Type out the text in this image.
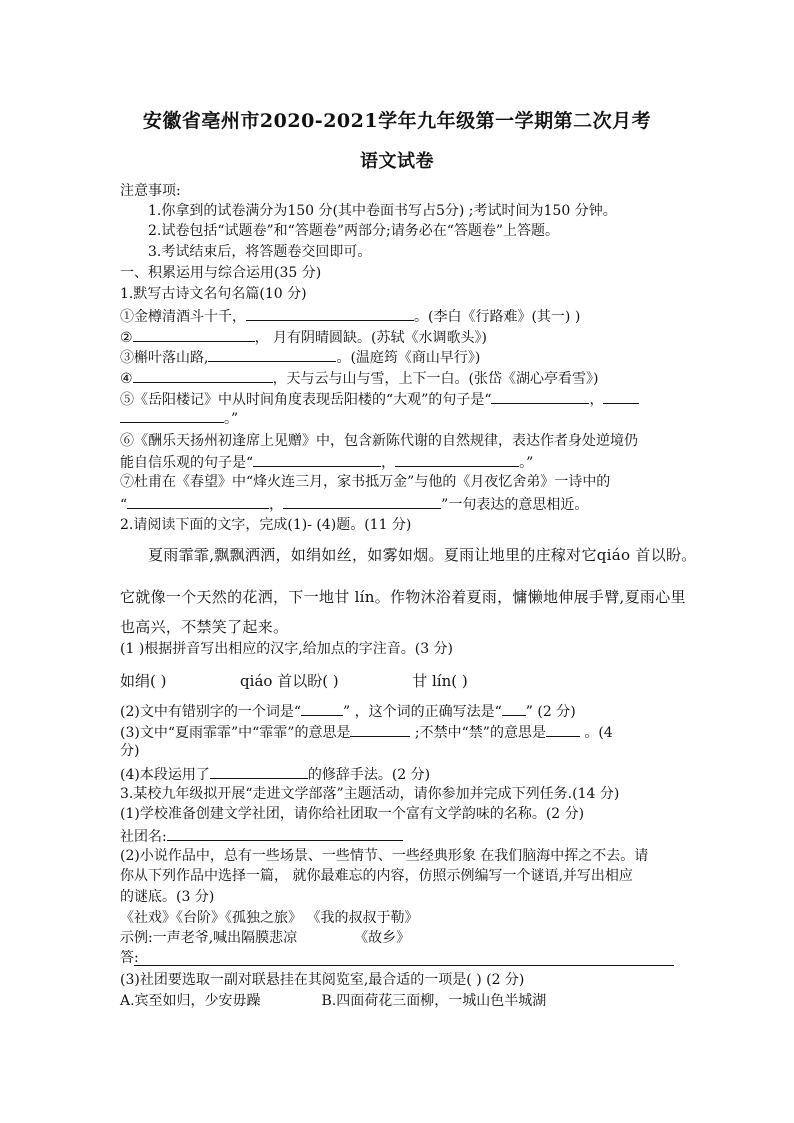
安徽省亳州市2020-2021学年九年级第一学期第二次月考
语文试卷
注意事项:
1.你拿到的试卷满分为150 分(其中卷面书写占5分) ;考试时间为150 分钟。
2.试卷包括“试题卷”和“答题卷”两部分;请务必在“答题卷”上答题。
3.考试结束后，将答题卷交回即可。
一、积累运用与综合运用(35 分)
1.默写古诗文名句名篇(10 分)
①金樽清酒斗十千，	。(李白《行路难》(其一) )
②	， 月有阴晴圆缺。(苏轼《水调歌头》)
③槲叶落山路,	。(温庭筠《商山早行》)
④	，天与云与山与雪，上下一白。(张岱《湖心亭看雪》)
⑤《岳阳楼记》中从时间角度表现岳阳楼的“大观”的句子是“	，
。”
⑥《酬乐天扬州初逢席上见赠》中，包含新陈代谢的自然规律，表达作者身处逆境仍
能自信乐观的句子是“	，	。”
⑦杜甫在《春望》中“烽火连三月，家书抵万金”与他的《月夜忆舍弟》一诗中的
“	，	”一句表达的意思相近。
2.请阅读下面的文字，完成(1)- (4)题。(11 分)
夏雨霏霏,飘飘洒洒，如绢如丝，如雾如烟。夏雨让地里的庄稼对它qiáo 首以盼。
它就像一个天然的花洒，下一地甘 lín。作物沐浴着夏雨，慵懒地伸展手臂,夏雨心里
也高兴，不禁笑了起来。
(1 )根据拼音写出相应的汉字,给加点的字注音。(3 分)
如绢( )	qiáo 首以盼( )	甘 lín( )
(2)文中有错别字的一个词是“	” ，这个词的正确写法是“ ” (2 分)
(3)文中“夏雨霏霏”中“霏霏”的意思是	;不禁中“禁”的意思是 。(4
分)
(4)本段运用了	的修辞手法。(2 分)
3.某校九年级拟开展“走进文学部落”主题活动，请你参加并完成下列任务.(14 分)
(1)学校准备创建文学社团，请你给社团取一个富有文学韵味的名称。(2 分)
社团名:
(2)小说作品中，总有一些场景、一些情节、一些经典形象 在我们脑海中挥之不去。请
你从下列作品中选择一篇， 就你最难忘的内容，仿照示例编写一个谜语,并写出相应
的谜底。(3 分)
《社戏》《台阶》《孤独之旅》 《我的叔叔于勒》
示例:一声老爷,喊出隔膜悲凉	《故乡》
答:
(3)社团要选取一副对联悬挂在其阅览室,最合适的一项是( ) (2 分)
A.宾至如归，少安毋躁	B.四面荷花三面柳，一城山色半城湖
